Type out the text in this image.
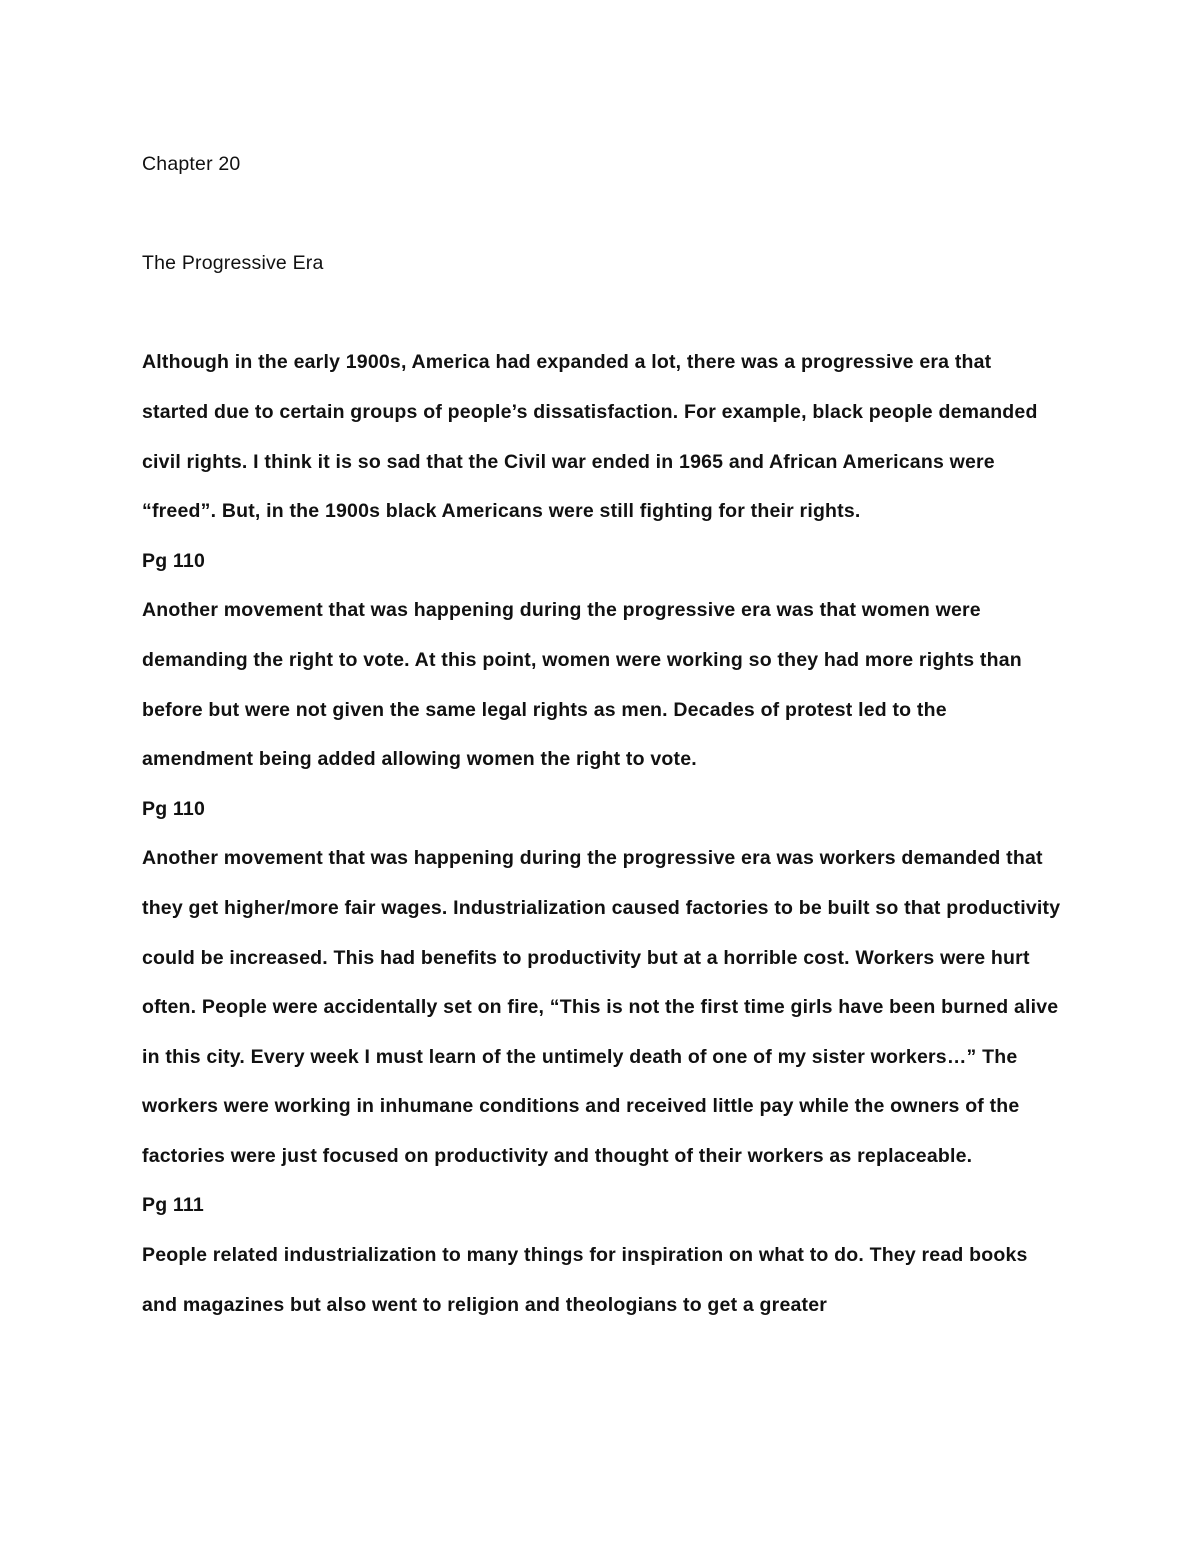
Chapter 20

The Progressive Era

Although in the early 1900s, America had expanded a lot, there was a progressive era that started due to certain groups of people’s dissatisfaction. For example, black people demanded civil rights. I think it is so sad that the Civil war ended in 1965 and African Americans were “freed”. But, in the 1900s black Americans were still fighting for their rights.

Pg 110

Another movement that was happening during the progressive era was that women were demanding the right to vote. At this point, women were working so they had more rights than before but were not given the same legal rights as men. Decades of protest led to the amendment being added allowing women the right to vote.

Pg 110

Another movement that was happening during the progressive era was workers demanded that they get higher/more fair wages. Industrialization caused factories to be built so that productivity could be increased. This had benefits to productivity but at a horrible cost. Workers were hurt often. People were accidentally set on fire, “This is not the first time girls have been burned alive in this city. Every week I must learn of the untimely death of one of my sister workers…” The workers were working in inhumane conditions and received little pay while the owners of the factories were just focused on productivity and thought of their workers as replaceable.

Pg 111

People related industrialization to many things for inspiration on what to do. They read books and magazines but also went to religion and theologians to get a greater
